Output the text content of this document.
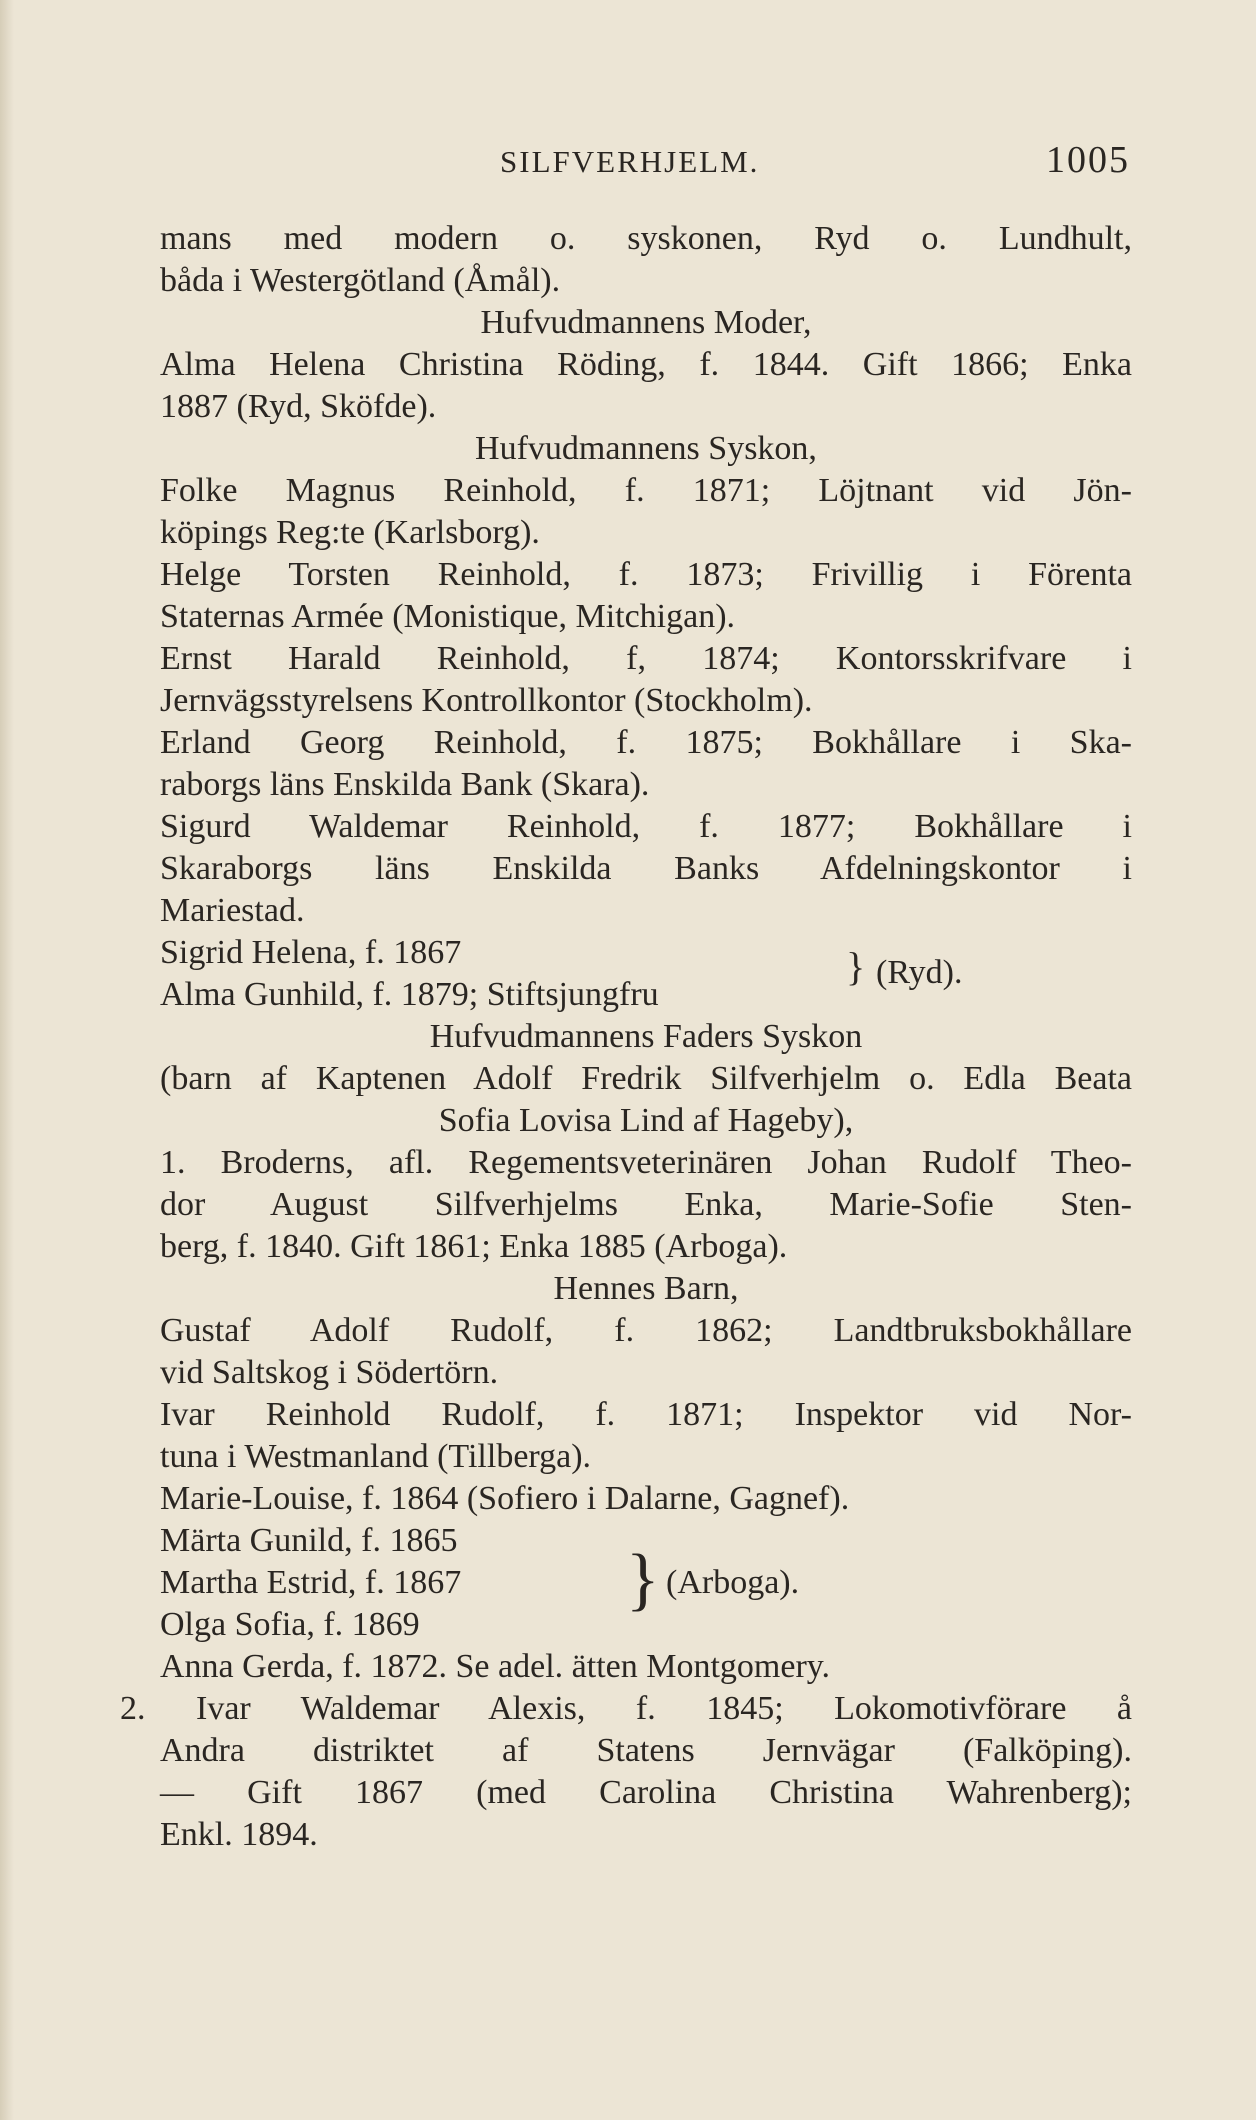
SILFVERHJELM.	1005
mans med modern o. syskonen, Ryd o. Lundhult,
båda i Westergötland (Åmål).
Hufvudmannens Moder,
Alma Helena Christina Röding, f. 1844. Gift 1866; Enka
1887 (Ryd, Sköfde).
Hufvudmannens Syskon,
Folke Magnus Reinhold, f. 1871; Löjtnant vid Jön-
köpings Reg:te (Karlsborg).
Helge Torsten Reinhold, f. 1873; Frivillig i Förenta
Staternas Armée (Monistique, Mitchigan).
Ernst Harald Reinhold, f, 1874; Kontorsskrifvare i
Jernvägsstyrelsens Kontrollkontor (Stockholm).
Erland Georg Reinhold, f. 1875; Bokhållare i Ska-
raborgs läns Enskilda Bank (Skara).
Sigurd Waldemar Reinhold, f. 1877; Bokhållare i
Skaraborgs läns Enskilda Banks Afdelningskontor i
Mariestad.
Sigrid Helena, f. 1867
Alma Gunhild, f. 1879; Stiftsjungfru
} (Ryd).
Hufvudmannens Faders Syskon
(barn af Kaptenen Adolf Fredrik Silfverhjelm o. Edla Beata
Sofia Lovisa Lind af Hageby),
1. Broderns, afl. Regementsveterinären Johan Rudolf Theo-
dor August Silfverhjelms Enka, Marie-Sofie Sten-
berg, f. 1840. Gift 1861; Enka 1885 (Arboga).
Hennes Barn,
Gustaf Adolf Rudolf, f. 1862; Landtbruksbokhållare
vid Saltskog i Södertörn.
Ivar Reinhold Rudolf, f. 1871; Inspektor vid Nor-
tuna i Westmanland (Tillberga).
Marie-Louise, f. 1864 (Sofiero i Dalarne, Gagnef).
Märta Gunild, f. 1865
Martha Estrid, f. 1867
Olga Sofia, f. 1869
} (Arboga).
Anna Gerda, f. 1872. Se adel. ätten Montgomery.
2. Ivar Waldemar Alexis, f. 1845; Lokomotivförare å
Andra distriktet af Statens Jernvägar (Falköping).
— Gift 1867 (med Carolina Christina Wahrenberg);
Enkl. 1894.
